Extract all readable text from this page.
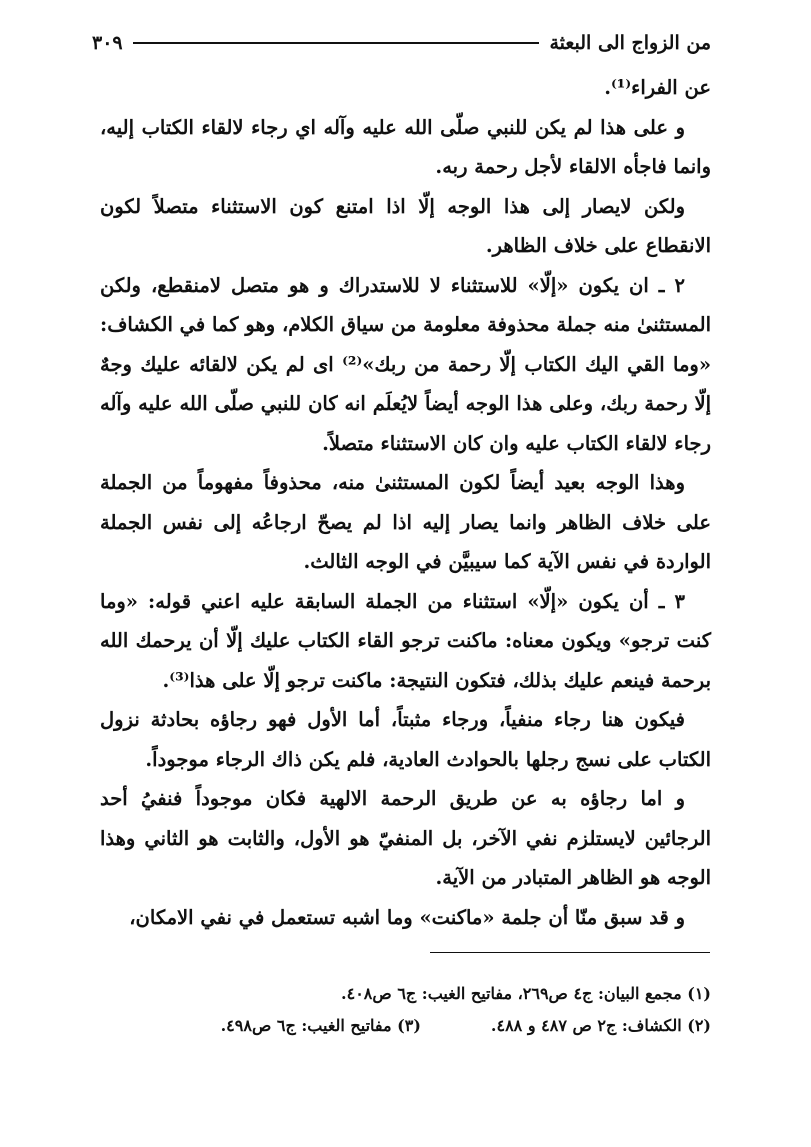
من الزواج الى البعثة
٣٠٩

عن الفراء⁽¹⁾.

و على هذا لم يكن للنبي صلّى الله عليه وآله اي رجاء لالقاء الكتاب إليه، وانما فاجأه الالقاء لأجل رحمة ربه.

ولكن لايصار إلى هذا الوجه إلّا اذا امتنع كون الاستثناء متصلاً لكون الانقطاع على خلاف الظاهر.

٢ ـ ان يكون «إلّا» للاستثناء لا للاستدراك و هو متصل لامنقطع، ولكن المستثنىٰ منه جملة محذوفة معلومة من سياق الكلام، وهو كما في الكشاف: «وما القي اليك الكتاب إلّا رحمة من ربك»⁽²⁾ اى لم يكن لالقائه عليك وجهٌ إلّا رحمة ربك، وعلى هذا الوجه أيضاً لايُعلَم انه كان للنبي صلّى الله عليه وآله رجاء لالقاء الكتاب عليه وان كان الاستثناء متصلاً.

وهذا الوجه بعيد أيضاً لكون المستثنىٰ منه، محذوفاً مفهوماً من الجملة على خلاف الظاهر وانما يصار إليه اذا لم يصحّ ارجاعُه إلى نفس الجملة الواردة في نفس الآية كما سيبيَّن في الوجه الثالث.

٣ ـ أن يكون «إلّا» استثناء من الجملة السابقة عليه اعني قوله: «وما كنت ترجو» ويكون معناه: ماكنت ترجو القاء الكتاب عليك إلّا أن يرحمك الله برحمة فينعم عليك بذلك، فتكون النتيجة: ماكنت ترجو إلّا على هذا⁽³⁾.

فيكون هنا رجاء منفياً، ورجاء مثبتاً، أما الأول فهو رجاؤه بحادثة نزول الكتاب على نسج رجلها بالحوادث العادية، فلم يكن ذاك الرجاء موجوداً.

و اما رجاؤه به عن طريق الرحمة الالهية فكان موجوداً فنفيُ أحد الرجائين لايستلزم نفي الآخر، بل المنفيّ هو الأول، والثابت هو الثاني وهذا الوجه هو الظاهر المتبادر من الآية.

و قد سبق منّا أن جلمة «ماكنت» وما اشبه تستعمل في نفي الامكان،

(١) مجمع البيان: ج٤ ص٢٦٩، مفاتيح الغيب: ج٦ ص٤٠٨.
(٢) الكشاف: ج٢ ص ٤٨٧ و ٤٨٨.(٣) مفاتيح الغيب: ج٦ ص٤٩٨.
